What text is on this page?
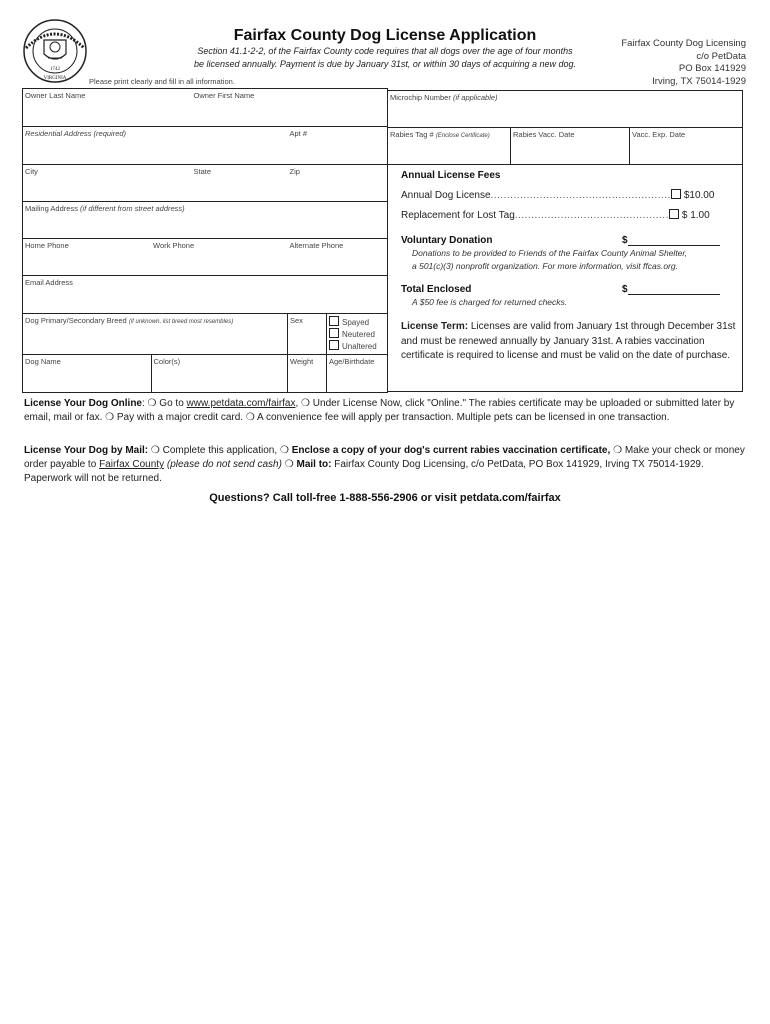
1742
VIRGINIA
Fairfax County Dog License Application
Section 41.1-2-2, of the Fairfax County code requires that all dogs over the age of four months
be licensed annually. Payment is due by January 31st, or within 30 days of acquiring a new dog.
Fairfax County Dog Licensing
c/o PetData
PO Box 141929
Irving, TX 75014-1929
Please print clearly and fill in all information.
Owner Last Name		Owner First Name		
Residential Address (required)			Apt #	
City		State	Zip	
Mailing Address (if different from street address)				
Home Phone	Work Phone		Alternate Phone	
Email Address				
Dog Primary/Secondary Breed (if unknown, list breed most resembles)			Sex	Spayed
Neutered
Unaltered

Dog Name	Color(s)		Weight	Age/Birthdate
Microchip Number (if applicable)
Rabies Tag # (Enclose Certificate)	Rabies Vacc. Date	Vacc. Exp. Date
Annual License Fees
Annual Dog License....................................................... $10.00
Replacement for Lost Tag............................................... $ 1.00
Voluntary Donation	$
Donations to be provided to Friends of the Fairfax County Animal Shelter,
a 501(c)(3) nonprofit organization. For more information, visit ffcas.org.
Total Enclosed	$
A $50 fee is charged for returned checks.
License Term: Licenses are valid from January 1st through December 31st and must be renewed annually by January 31st. A rabies vaccination certificate is required to license and must be valid on the date of purchase.
License Your Dog Online: ❍ Go to www.petdata.com/fairfax, ❍ Under License Now, click "Online." The rabies certificate may be uploaded or submitted later by email, mail or fax. ❍ Pay with a major credit card. ❍ A convenience fee will apply per transaction. Multiple pets can be licensed in one transaction.
License Your Dog by Mail: ❍ Complete this application, ❍ Enclose a copy of your dog's current rabies vaccination certificate, ❍ Make your check or money order payable to Fairfax County (please do not send cash) ❍ Mail to: Fairfax County Dog Licensing, c/o PetData, PO Box 141929, Irving TX 75014-1929. Paperwork will not be returned.
Questions? Call toll-free 1-888-556-2906 or visit petdata.com/fairfax
